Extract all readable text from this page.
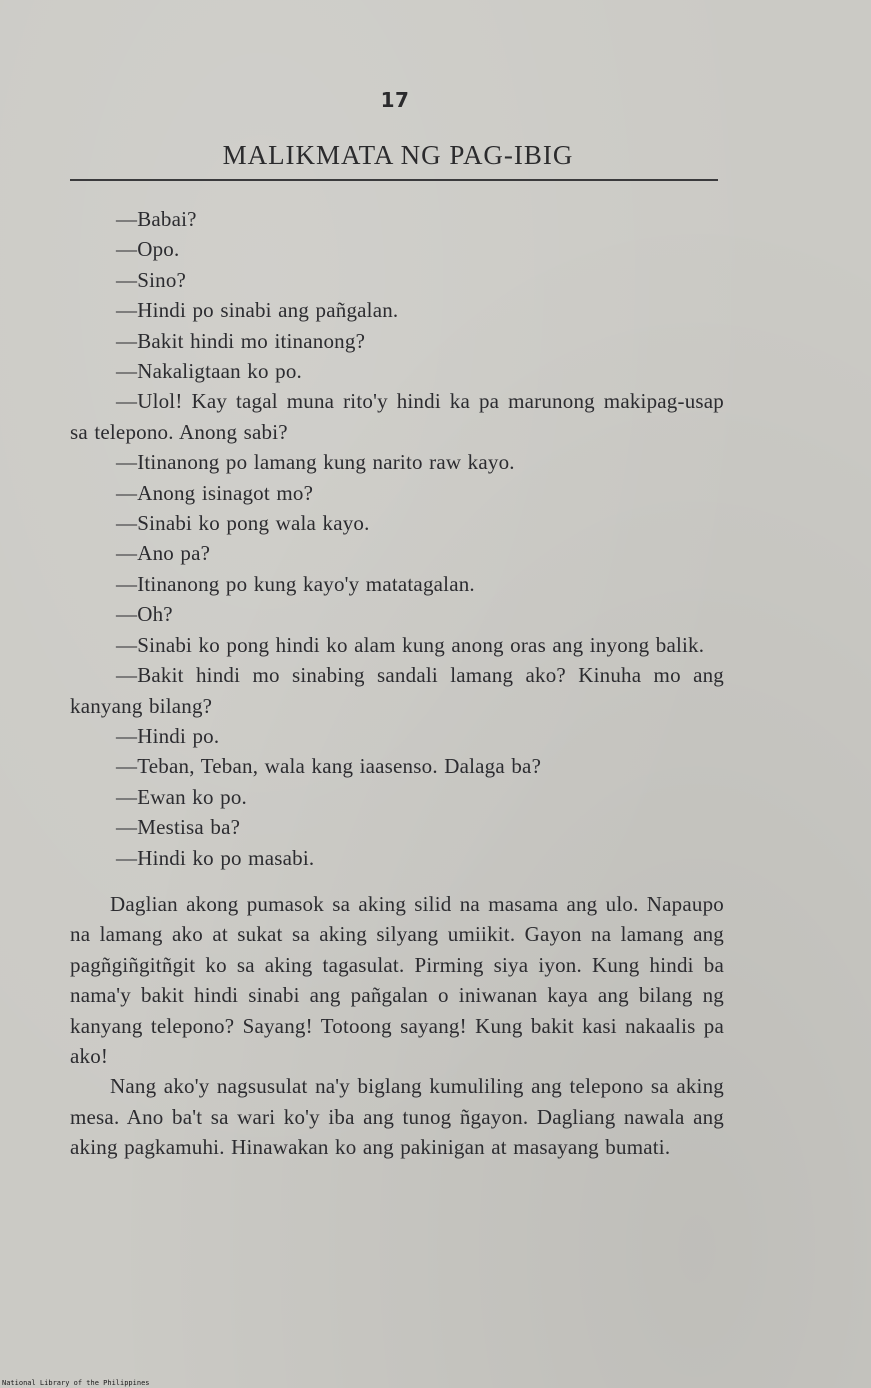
17
MALIKMATA NG PAG-IBIG

—Babai?

—Opo.

—Sino?

—Hindi po sinabi ang pañgalan.

—Bakit hindi mo itinanong?

—Nakaligtaan ko po.

—Ulol! Kay tagal muna rito'y hindi ka pa marunong makipag-usap sa telepono. Anong sabi?

—Itinanong po lamang kung narito raw kayo.

—Anong isinagot mo?

—Sinabi ko pong wala kayo.

—Ano pa?

—Itinanong po kung kayo'y matatagalan.

—Oh?

—Sinabi ko pong hindi ko alam kung anong oras ang inyong balik.

—Bakit hindi mo sinabing sandali lamang ako? Kinuha mo ang kanyang bilang?

—Hindi po.

—Teban, Teban, wala kang iaasenso. Dalaga ba?

—Ewan ko po.

—Mestisa ba?

—Hindi ko po masabi.

Daglian akong pumasok sa aking silid na masama ang ulo. Napaupo na lamang ako at sukat sa aking silyang umiikit. Gayon na lamang ang pagñgiñgitñgit ko sa aking tagasulat. Pirming siya iyon. Kung hindi ba nama'y bakit hindi sinabi ang pañgalan o iniwanan kaya ang bilang ng kanyang telepono? Sayang! Totoong sayang! Kung bakit kasi nakaalis pa ako!

Nang ako'y nagsusulat na'y biglang kumuliling ang telepono sa aking mesa. Ano ba't sa wari ko'y iba ang tunog ñgayon. Dagliang nawala ang aking pagkamuhi. Hinawakan ko ang pakinigan at masayang bumati.

National Library of the Philippines
